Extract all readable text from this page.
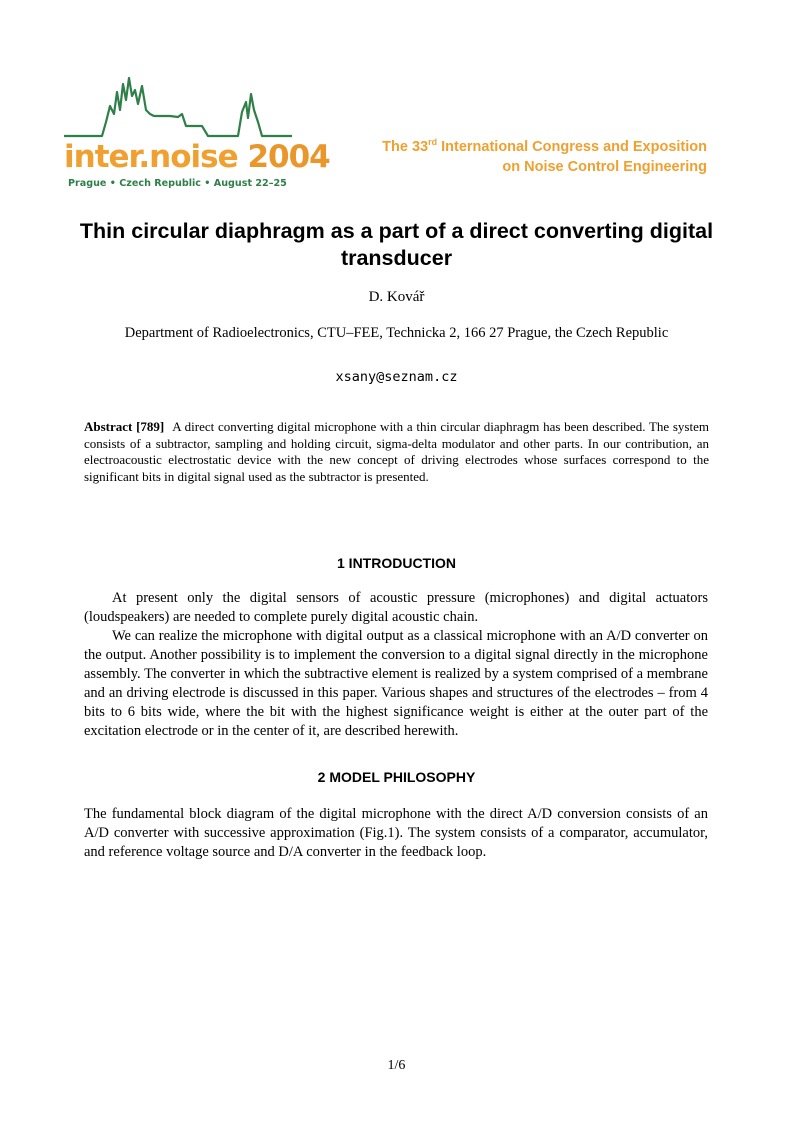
inter.noise 2004
Prague • Czech Republic • August 22–25
The 33rd International Congress and Exposition
on Noise Control Engineering
Thin circular diaphragm as a part of a direct converting digital transducer
D. Kovář
Department of Radioelectronics, CTU–FEE, Technicka 2, 166 27 Prague, the Czech Republic
xsany@seznam.cz

Abstract [789] A direct converting digital microphone with a thin circular diaphragm has been described. The system consists of a subtractor, sampling and holding circuit, sigma-delta modulator and other parts. In our contribution, an electroacoustic electrostatic device with the new concept of driving electrodes whose surfaces correspond to the significant bits in digital signal used as the subtractor is presented.

1 INTRODUCTION

At present only the digital sensors of acoustic pressure (microphones) and digital actuators (loudspeakers) are needed to complete purely digital acoustic chain.

We can realize the microphone with digital output as a classical microphone with an A/D converter on the output. Another possibility is to implement the conversion to a digital signal directly in the microphone assembly. The converter in which the subtractive element is realized by a system comprised of a membrane and an driving electrode is discussed in this paper. Various shapes and structures of the electrodes – from 4 bits to 6 bits wide, where the bit with the highest significance weight is either at the outer part of the excitation electrode or in the center of it, are described herewith.

2 MODEL PHILOSOPHY

The fundamental block diagram of the digital microphone with the direct A/D conversion consists of an A/D converter with successive approximation (Fig.1). The system consists of a comparator, accumulator, and reference voltage source and D/A converter in the feedback loop.

1/6
